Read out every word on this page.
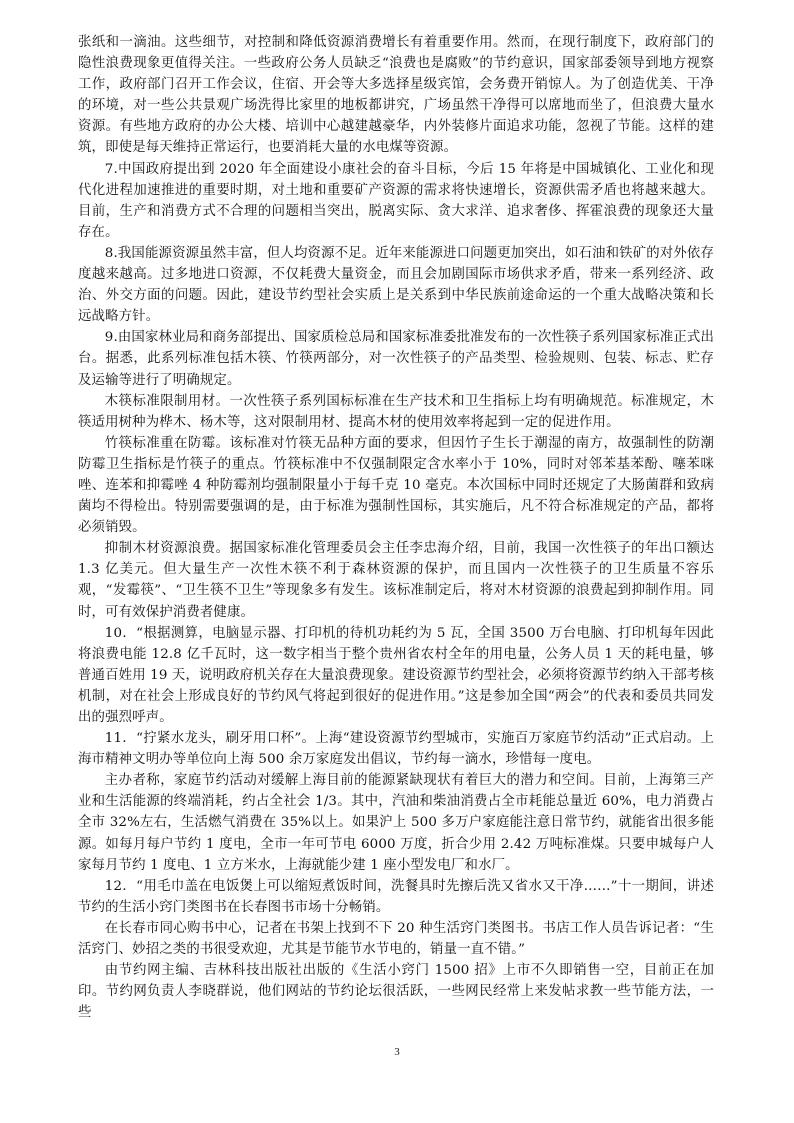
张纸和一滴油。这些细节，对控制和降低资源消费增长有着重要作用。然而，在现行制度下，政府部门的隐性浪费现象更值得关注。一些政府公务人员缺乏“浪费也是腐败”的节约意识，国家部委领导到地方视察工作，政府部门召开工作会议，住宿、开会等大多选择星级宾馆，会务费开销惊人。为了创造优美、干净的环境，对一些公共景观广场洗得比家里的地板都讲究，广场虽然干净得可以席地而坐了，但浪费大量水资源。有些地方政府的办公大楼、培训中心越建越豪华，内外装修片面追求功能，忽视了节能。这样的建筑，即使是每天维持正常运行，也要消耗大量的水电煤等资源。

7.中国政府提出到 2020 年全面建设小康社会的奋斗目标，今后 15 年将是中国城镇化、工业化和现代化进程加速推进的重要时期，对土地和重要矿产资源的需求将快速增长，资源供需矛盾也将越来越大。目前，生产和消费方式不合理的问题相当突出，脱离实际、贪大求洋、追求奢侈、挥霍浪费的现象还大量存在。

8.我国能源资源虽然丰富，但人均资源不足。近年来能源进口问题更加突出，如石油和铁矿的对外依存度越来越高。过多地进口资源，不仅耗费大量资金，而且会加剧国际市场供求矛盾，带来一系列经济、政治、外交方面的问题。因此，建设节约型社会实质上是关系到中华民族前途命运的一个重大战略决策和长远战略方针。

9.由国家林业局和商务部提出、国家质检总局和国家标准委批准发布的一次性筷子系列国家标准正式出台。据悉，此系列标准包括木筷、竹筷两部分，对一次性筷子的产品类型、检验规则、包装、标志、贮存及运输等进行了明确规定。

木筷标准限制用材。一次性筷子系列国标标准在生产技术和卫生指标上均有明确规范。标准规定，木筷适用树种为桦木、杨木等，这对限制用材、提高木材的使用效率将起到一定的促进作用。

竹筷标准重在防霉。该标准对竹筷无品种方面的要求，但因竹子生长于潮湿的南方，故强制性的防潮防霉卫生指标是竹筷子的重点。竹筷标准中不仅强制限定含水率小于 10%，同时对邻苯基苯酚、噻苯咪唑、连苯和抑霉唑 4 种防霉剂均强制限量小于每千克 10 毫克。本次国标中同时还规定了大肠菌群和致病菌均不得检出。特别需要强调的是，由于标准为强制性国标，其实施后，凡不符合标准规定的产品，都将必须销毁。

抑制木材资源浪费。据国家标准化管理委员会主任李忠海介绍，目前，我国一次性筷子的年出口额达 1.3 亿美元。但大量生产一次性木筷不利于森林资源的保护，而且国内一次性筷子的卫生质量不容乐观，“发霉筷”、“卫生筷不卫生”等现象多有发生。该标准制定后，将对木材资源的浪费起到抑制作用。同时，可有效保护消费者健康。

10．“根据测算，电脑显示器、打印机的待机功耗约为 5 瓦，全国 3500 万台电脑、打印机每年因此将浪费电能 12.8 亿千瓦时，这一数字相当于整个贵州省农村全年的用电量，公务人员 1 天的耗电量，够普通百姓用 19 天，说明政府机关存在大量浪费现象。建设资源节约型社会，必须将资源节约纳入干部考核机制，对在社会上形成良好的节约风气将起到很好的促进作用。”这是参加全国“两会”的代表和委员共同发出的强烈呼声。

11．“拧紧水龙头，刷牙用口杯”。上海“建设资源节约型城市，实施百万家庭节约活动”正式启动。上海市精神文明办等单位向上海 500 余万家庭发出倡议，节约每一滴水，珍惜每一度电。

主办者称，家庭节约活动对缓解上海目前的能源紧缺现状有着巨大的潜力和空间。目前，上海第三产业和生活能源的终端消耗，约占全社会 1/3。其中，汽油和柴油消费占全市耗能总量近 60%，电力消费占全市 32%左右，生活燃气消费在 35%以上。如果沪上 500 多万户家庭能注意日常节约，就能省出很多能源。如每月每户节约 1 度电，全市一年可节电 6000 万度，折合少用 2.42 万吨标准煤。只要申城每户人家每月节约 1 度电、1 立方米水，上海就能少建 1 座小型发电厂和水厂。

12．“用毛巾盖在电饭煲上可以缩短煮饭时间，洗餐具时先擦后洗又省水又干净……”十一期间，讲述节约的生活小窍门类图书在长春图书市场十分畅销。

在长春市同心购书中心，记者在书架上找到不下 20 种生活窍门类图书。书店工作人员告诉记者：“生活窍门、妙招之类的书很受欢迎，尤其是节能节水节电的，销量一直不错。”

由节约网主编、吉林科技出版社出版的《生活小窍门 1500 招》上市不久即销售一空，目前正在加印。节约网负责人李晓群说，他们网站的节约论坛很活跃，一些网民经常上来发帖求教一些节能方法，一些

3
